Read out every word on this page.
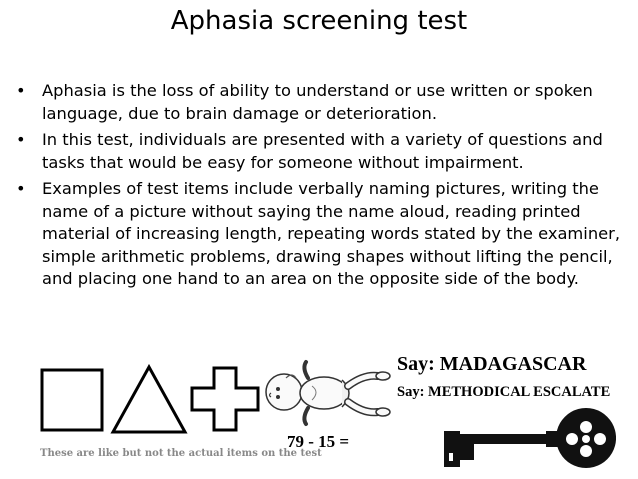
Aphasia screening test
• Aphasia is the loss of ability to understand or use written or spoken language, due to brain damage or deterioration.
• In this test, individuals are presented with a variety of questions and tasks that would be easy for someone without impairment.
• Examples of test items include verbally naming pictures, writing the name of a picture without saying the name aloud, reading printed material of increasing length, repeating words stated by the examiner, simple arithmetic problems, drawing shapes without lifting the pencil, and placing one hand to an area on the opposite side of the body.
Say: MADAGASCAR
Say: METHODICAL ESCALATE
79 - 15 =
These are like but not the actual items on the test
